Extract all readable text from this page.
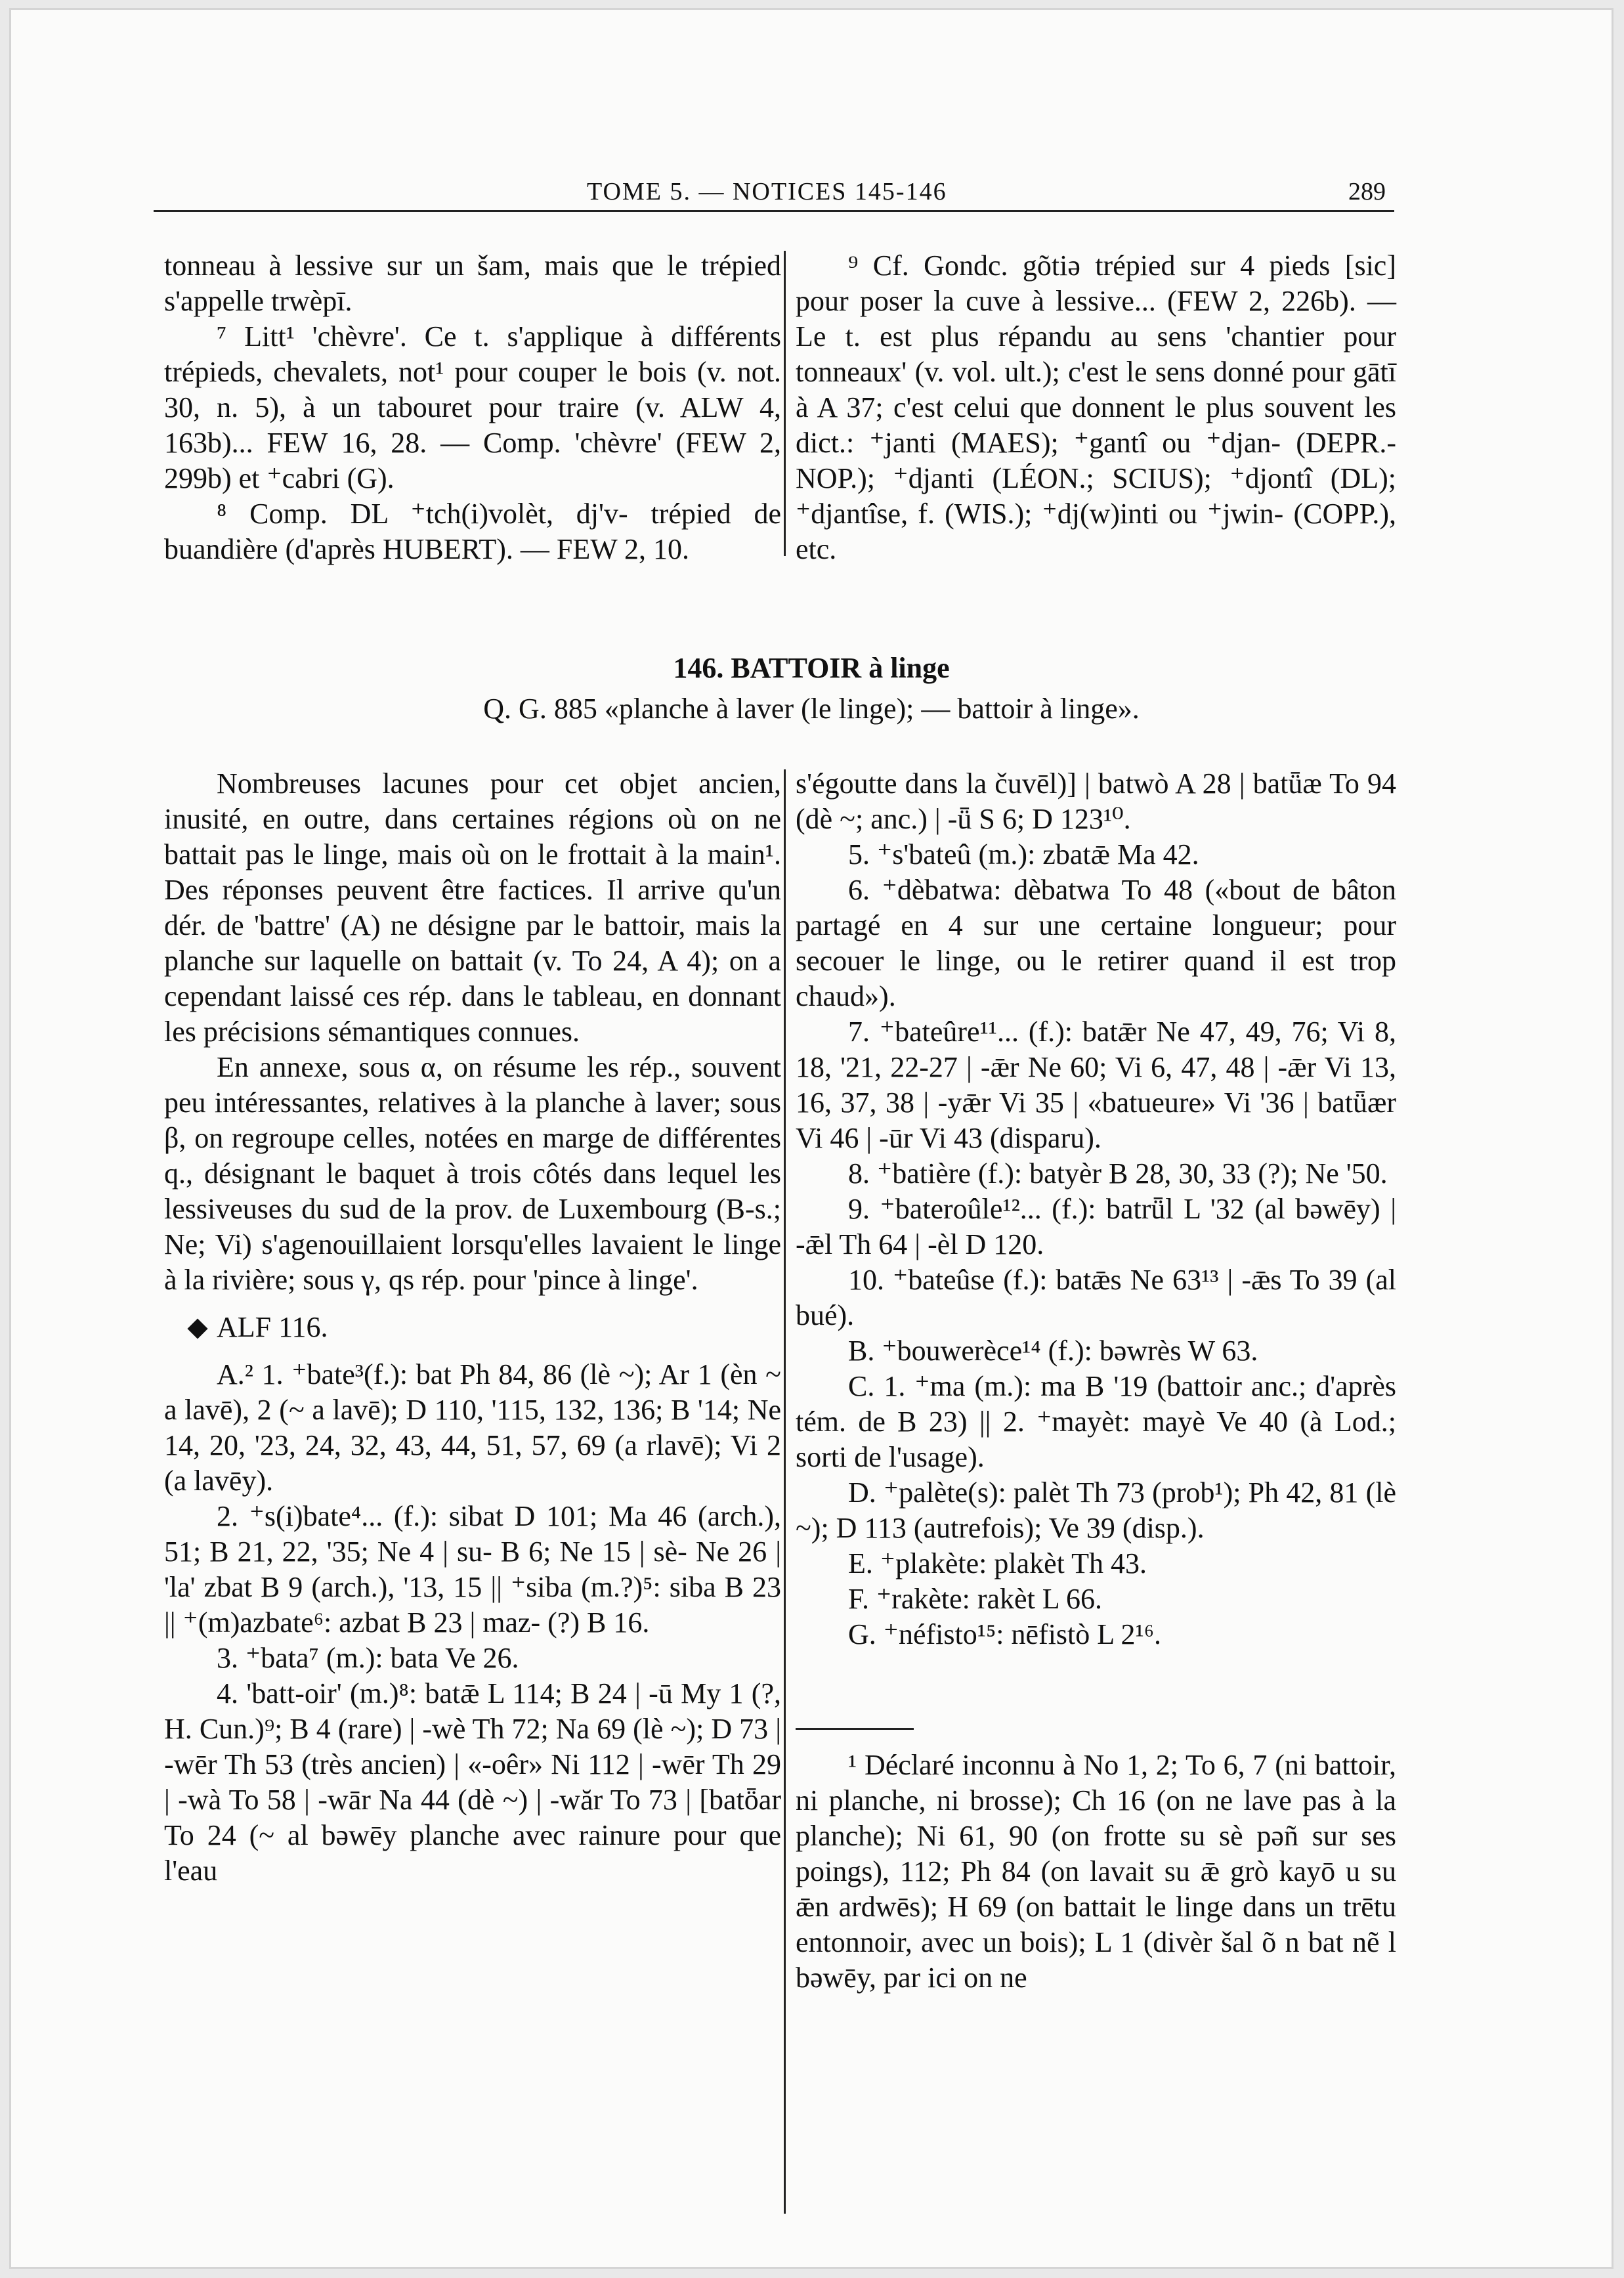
TOME 5. — NOTICES 145-146	289

tonneau à lessive sur un šam, mais que le trépied s'appelle trwèpī.

⁷ Litt¹ 'chèvre'. Ce t. s'applique à différents trépieds, chevalets, not¹ pour couper le bois (v. not. 30, n. 5), à un tabouret pour traire (v. ALW 4, 163b)... FEW 16, 28. — Comp. 'chèvre' (FEW 2, 299b) et ⁺cabri (G).

⁸ Comp. DL ⁺tch(i)volèt, dj'v- trépied de buandière (d'après HUBERT). — FEW 2, 10.

⁹ Cf. Gondc. gõtiə trépied sur 4 pieds [sic] pour poser la cuve à lessive... (FEW 2, 226b). — Le t. est plus répandu au sens 'chantier pour tonneaux' (v. vol. ult.); c'est le sens donné pour gātī à A 37; c'est celui que donnent le plus souvent les dict.: ⁺janti (MAES); ⁺gantî ou ⁺djan- (DEPR.-NOP.); ⁺djanti (LÉON.; SCIUS); ⁺djontî (DL); ⁺djantîse, f. (WIS.); ⁺dj(w)inti ou ⁺jwin- (COPP.), etc.

146. BATTOIR à linge
Q. G. 885 «planche à laver (le linge); — battoir à linge».

Nombreuses lacunes pour cet objet ancien, inusité, en outre, dans certaines régions où on ne battait pas le linge, mais où on le frottait à la main¹. Des réponses peuvent être factices. Il arrive qu'un dér. de 'battre' (A) ne désigne par le battoir, mais la planche sur laquelle on battait (v. To 24, A 4); on a cependant laissé ces rép. dans le tableau, en donnant les précisions sémantiques connues.

En annexe, sous α, on résume les rép., souvent peu intéressantes, relatives à la planche à laver; sous β, on regroupe celles, notées en marge de différentes q., désignant le baquet à trois côtés dans lequel les lessiveuses du sud de la prov. de Luxembourg (B-s.; Ne; Vi) s'agenouillaient lorsqu'elles lavaient le linge à la rivière; sous γ, qs rép. pour 'pince à linge'.

ALF 116.

A.² 1. ⁺bate³(f.): bat Ph 84, 86 (lè ~); Ar 1 (èn ~ a lavē), 2 (~ a lavē); D 110, '115, 132, 136; B '14; Ne 14, 20, '23, 24, 32, 43, 44, 51, 57, 69 (a rlavē); Vi 2 (a lavēy).

2. ⁺s(i)bate⁴... (f.): sibat D 101; Ma 46 (arch.), 51; B 21, 22, '35; Ne 4 | su- B 6; Ne 15 | sè- Ne 26 | 'la' zbat B 9 (arch.), '13, 15 || ⁺siba (m.?)⁵: siba B 23 || ⁺(m)azbate⁶: azbat B 23 | maz- (?) B 16.

3. ⁺bata⁷ (m.): bata Ve 26.

4. 'batt-oir' (m.)⁸: batǣ L 114; B 24 | -ū My 1 (?, H. Cun.)⁹; B 4 (rare) | -wè Th 72; Na 69 (lè ~); D 73 | -wēr Th 53 (très ancien) | «-oêr» Ni 112 | -wēr Th 29 | -wà To 58 | -wār Na 44 (dè ~) | -wăr To 73 | [batȫar To 24 (~ al bəwēy planche avec rainure pour que l'eau

s'égoutte dans la čuvēl)] | batwò A 28 | batǖæ To 94 (dè ~; anc.) | -ǖ S 6; D 123¹⁰.

5. ⁺s'bateû (m.): zbatǣ Ma 42.

6. ⁺dèbatwa: dèbatwa To 48 («bout de bâton partagé en 4 sur une certaine longueur; pour secouer le linge, ou le retirer quand il est trop chaud»).

7. ⁺bateûre¹¹... (f.): batǣr Ne 47, 49, 76; Vi 8, 18, '21, 22-27 | -ǣr Ne 60; Vi 6, 47, 48 | -ǣr Vi 13, 16, 37, 38 | -yǣr Vi 35 | «batueure» Vi '36 | batǖær Vi 46 | -ūr Vi 43 (disparu).

8. ⁺batière (f.): batyèr B 28, 30, 33 (?); Ne '50.

9. ⁺bateroûle¹²... (f.): batrǖl L '32 (al bəwēy) | -ǣl Th 64 | -èl D 120.

10. ⁺bateûse (f.): batǣs Ne 63¹³ | -ǣs To 39 (al bué).

B. ⁺bouwerèce¹⁴ (f.): bəwrès W 63.

C. 1. ⁺ma (m.): ma B '19 (battoir anc.; d'après tém. de B 23) || 2. ⁺mayèt: mayè Ve 40 (à Lod.; sorti de l'usage).

D. ⁺palète(s): palèt Th 73 (prob¹); Ph 42, 81 (lè ~); D 113 (autrefois); Ve 39 (disp.).

E. ⁺plakète: plakèt Th 43.

F. ⁺rakète: rakèt L 66.

G. ⁺néfisto¹⁵: nēfistò L 2¹⁶.

¹ Déclaré inconnu à No 1, 2; To 6, 7 (ni battoir, ni planche, ni brosse); Ch 16 (on ne lave pas à la planche); Ni 61, 90 (on frotte su sè pəñ sur ses poings), 112; Ph 84 (on lavait su ǣ grò kayō u su ǣn ardwēs); H 69 (on battait le linge dans un trētu entonnoir, avec un bois); L 1 (divèr šal õ n bat nẽ l bəwēy, par ici on ne
